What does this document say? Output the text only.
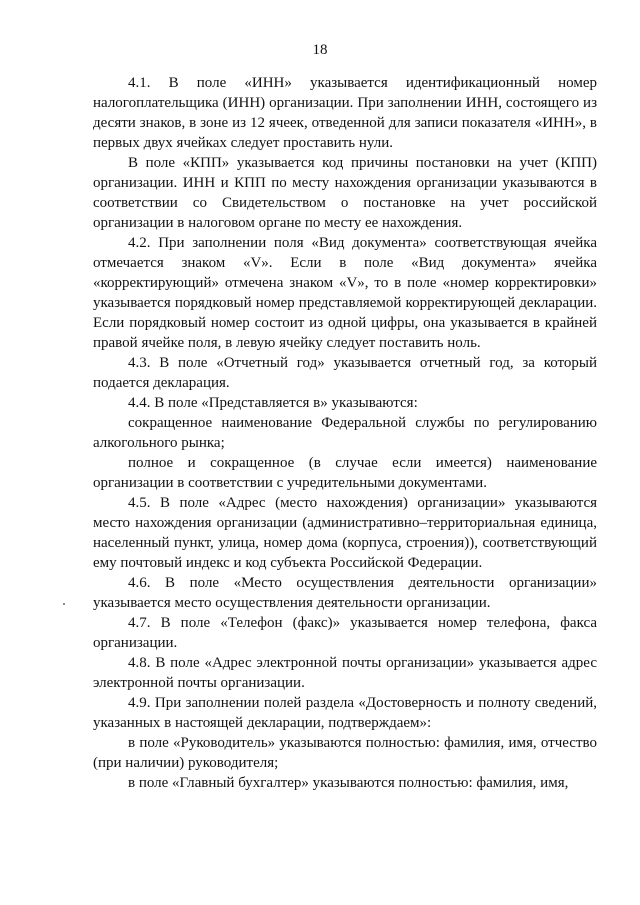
18

4.1. В поле «ИНН» указывается идентификационный номер налогоплательщика (ИНН) организации. При заполнении ИНН, состоящего из десяти знаков, в зоне из 12 ячеек, отведенной для записи показателя «ИНН», в первых двух ячейках следует проставить нули.

В поле «КПП» указывается код причины постановки на учет (КПП) организации. ИНН и КПП по месту нахождения организации указываются в соответствии со Свидетельством о постановке на учет российской организации в налоговом органе по месту ее нахождения.

4.2. При заполнении поля «Вид документа» соответствующая ячейка отмечается знаком «V». Если в поле «Вид документа» ячейка «корректирующий» отмечена знаком «V», то в поле «номер корректировки» указывается порядковый номер представляемой корректирующей декларации. Если порядковый номер состоит из одной цифры, она указывается в крайней правой ячейке поля, в левую ячейку следует поставить ноль.

4.3. В поле «Отчетный год» указывается отчетный год, за который подается декларация.

4.4. В поле «Представляется в» указываются:

сокращенное наименование Федеральной службы по регулированию алкогольного рынка;

полное и сокращенное (в случае если имеется) наименование организации в соответствии с учредительными документами.

4.5. В поле «Адрес (место нахождения) организации» указываются место нахождения организации (административно–территориальная единица, населенный пункт, улица, номер дома (корпуса, строения)), соответствующий ему почтовый индекс и код субъекта Российской Федерации.

4.6. В поле «Место осуществления деятельности организации» указывается место осуществления деятельности организации.

4.7. В поле «Телефон (факс)» указывается номер телефона, факса организации.

4.8. В поле «Адрес электронной почты организации» указывается адрес электронной почты организации.

4.9. При заполнении полей раздела «Достоверность и полноту сведений, указанных в настоящей декларации, подтверждаем»:

в поле «Руководитель» указываются полностью: фамилия, имя, отчество (при наличии) руководителя;

в поле «Главный бухгалтер» указываются полностью: фамилия, имя,
